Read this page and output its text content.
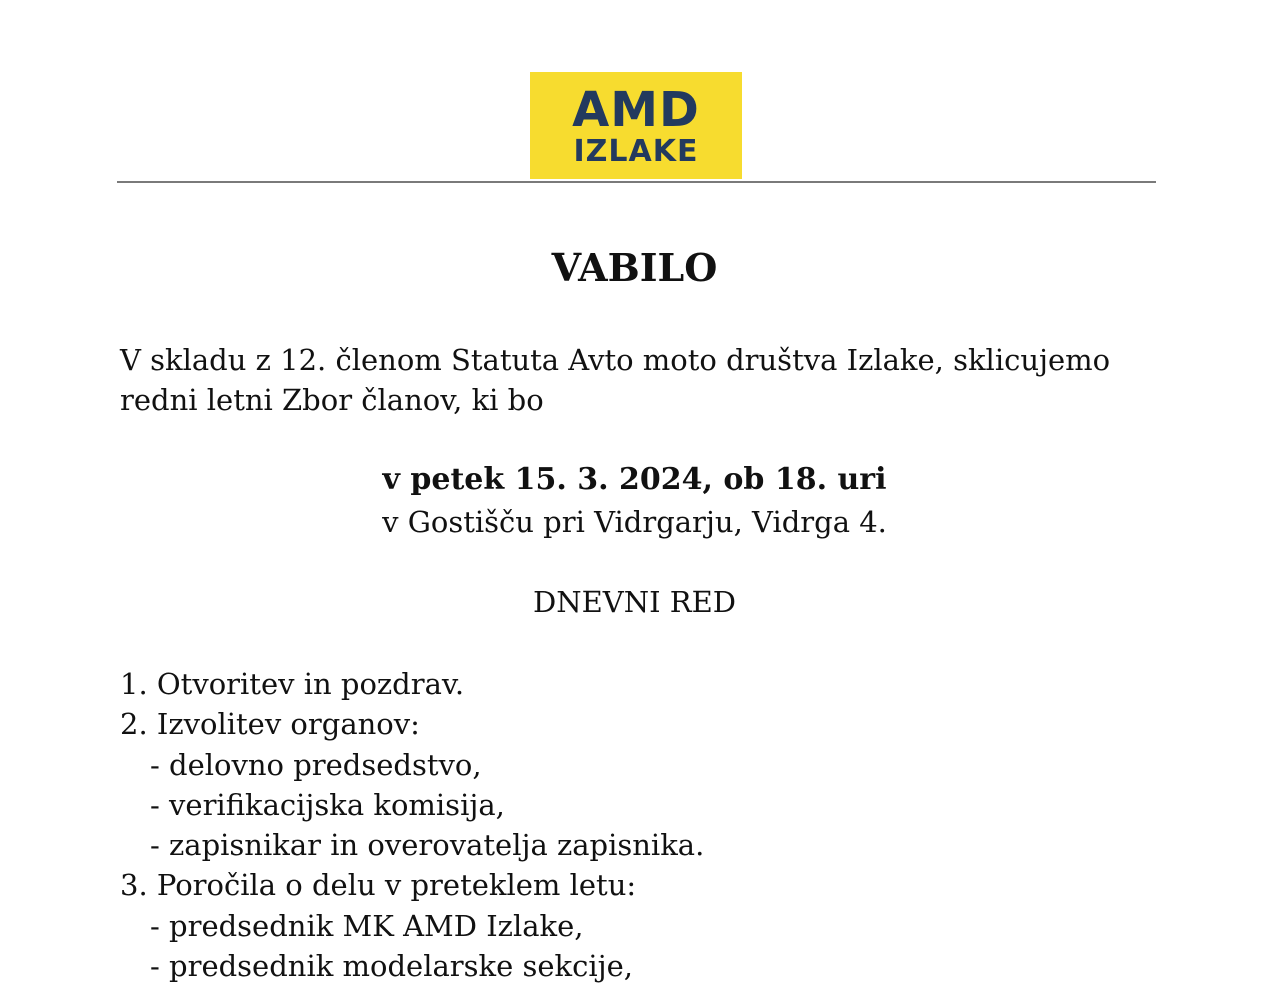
AMD
IZLAKE
VABILO
V skladu z 12. členom Statuta Avto moto društva Izlake, sklicujemo
redni letni Zbor članov, ki bo
v petek 15. 3. 2024, ob 18. uri
v Gostišču pri Vidrgarju, Vidrga 4.
DNEVNI RED
1. Otvoritev in pozdrav.
2. Izvolitev organov:
- delovno predsedstvo,
- verifikacijska komisija,
- zapisnikar in overovatelja zapisnika.
3. Poročila o delu v preteklem letu:
- predsednik MK AMD Izlake,
- predsednik modelarske sekcije,
